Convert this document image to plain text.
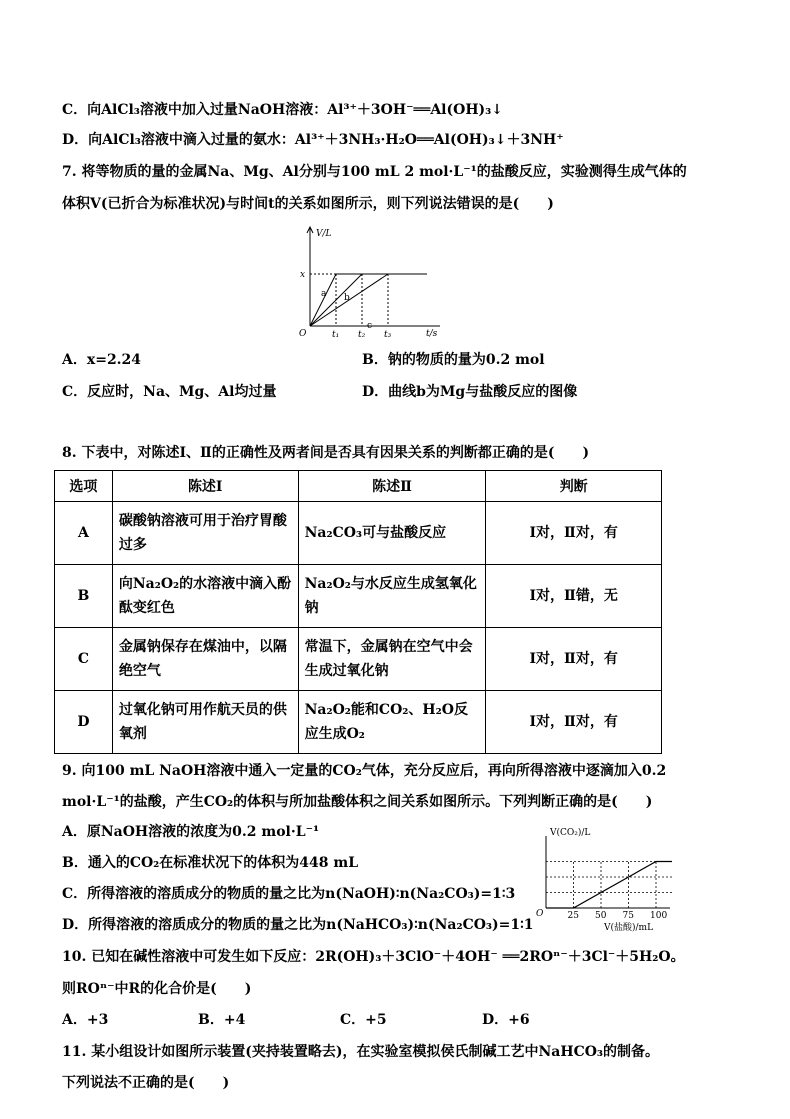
C．向AlCl₃溶液中加入过量NaOH溶液：Al³⁺＋3OH⁻══Al(OH)₃↓
D．向AlCl₃溶液中滴入过量的氨水：Al³⁺＋3NH₃·H₂O══Al(OH)₃↓＋3NH⁺
7. 将等物质的量的金属Na、Mg、Al分别与100 mL 2 mol·L⁻¹的盐酸反应，实验测得生成气体的
体积V(已折合为标准状况)与时间t的关系如图所示，则下列说法错误的是(　　)
V/L
t/s
O
x
a
t₁
b
t₂
c
t₃
A．x=2.24	B．钠的物质的量为0.2 mol
C．反应时，Na、Mg、Al均过量	D．曲线b为Mg与盐酸反应的图像
8. 下表中，对陈述Ⅰ、Ⅱ的正确性及两者间是否具有因果关系的判断都正确的是(　　)
选项	陈述Ⅰ	陈述Ⅱ	判断
A	碳酸钠溶液可用于治疗胃酸过多	Na₂CO₃可与盐酸反应	Ⅰ对，Ⅱ对，有
B	向Na₂O₂的水溶液中滴入酚酞变红色	Na₂O₂与水反应生成氢氧化钠	Ⅰ对，Ⅱ错，无
C	金属钠保存在煤油中，以隔绝空气	常温下，金属钠在空气中会生成过氧化钠	Ⅰ对，Ⅱ对，有
D	过氧化钠可用作航天员的供氧剂	Na₂O₂能和CO₂、H₂O反应生成O₂	Ⅰ对，Ⅱ对，有
9. 向100 mL NaOH溶液中通入一定量的CO₂气体，充分反应后，再向所得溶液中逐滴加入0.2
mol·L⁻¹的盐酸，产生CO₂的体积与所加盐酸体积之间关系如图所示。下列判断正确的是(　　)
A．原NaOH溶液的浓度为0.2 mol·L⁻¹
B．通入的CO₂在标准状况下的体积为448 mL
C．所得溶液的溶质成分的物质的量之比为n(NaOH)∶n(Na₂CO₃)=1∶3
D．所得溶液的溶质成分的物质的量之比为n(NaHCO₃)∶n(Na₂CO₃)=1∶1
V(CO₂)/L
V(盐酸)/mL
O	25 50 75 100
10. 已知在碱性溶液中可发生如下反应：2R(OH)₃＋3ClO⁻＋4OH⁻ ══2ROⁿ⁻＋3Cl⁻＋5H₂O。
则ROⁿ⁻中R的化合价是(　　)
A．+3	B．+4	C．+5	D．+6
11. 某小组设计如图所示装置(夹持装置略去)，在实验室模拟侯氏制碱工艺中NaHCO₃的制备。
下列说法不正确的是(　　)
